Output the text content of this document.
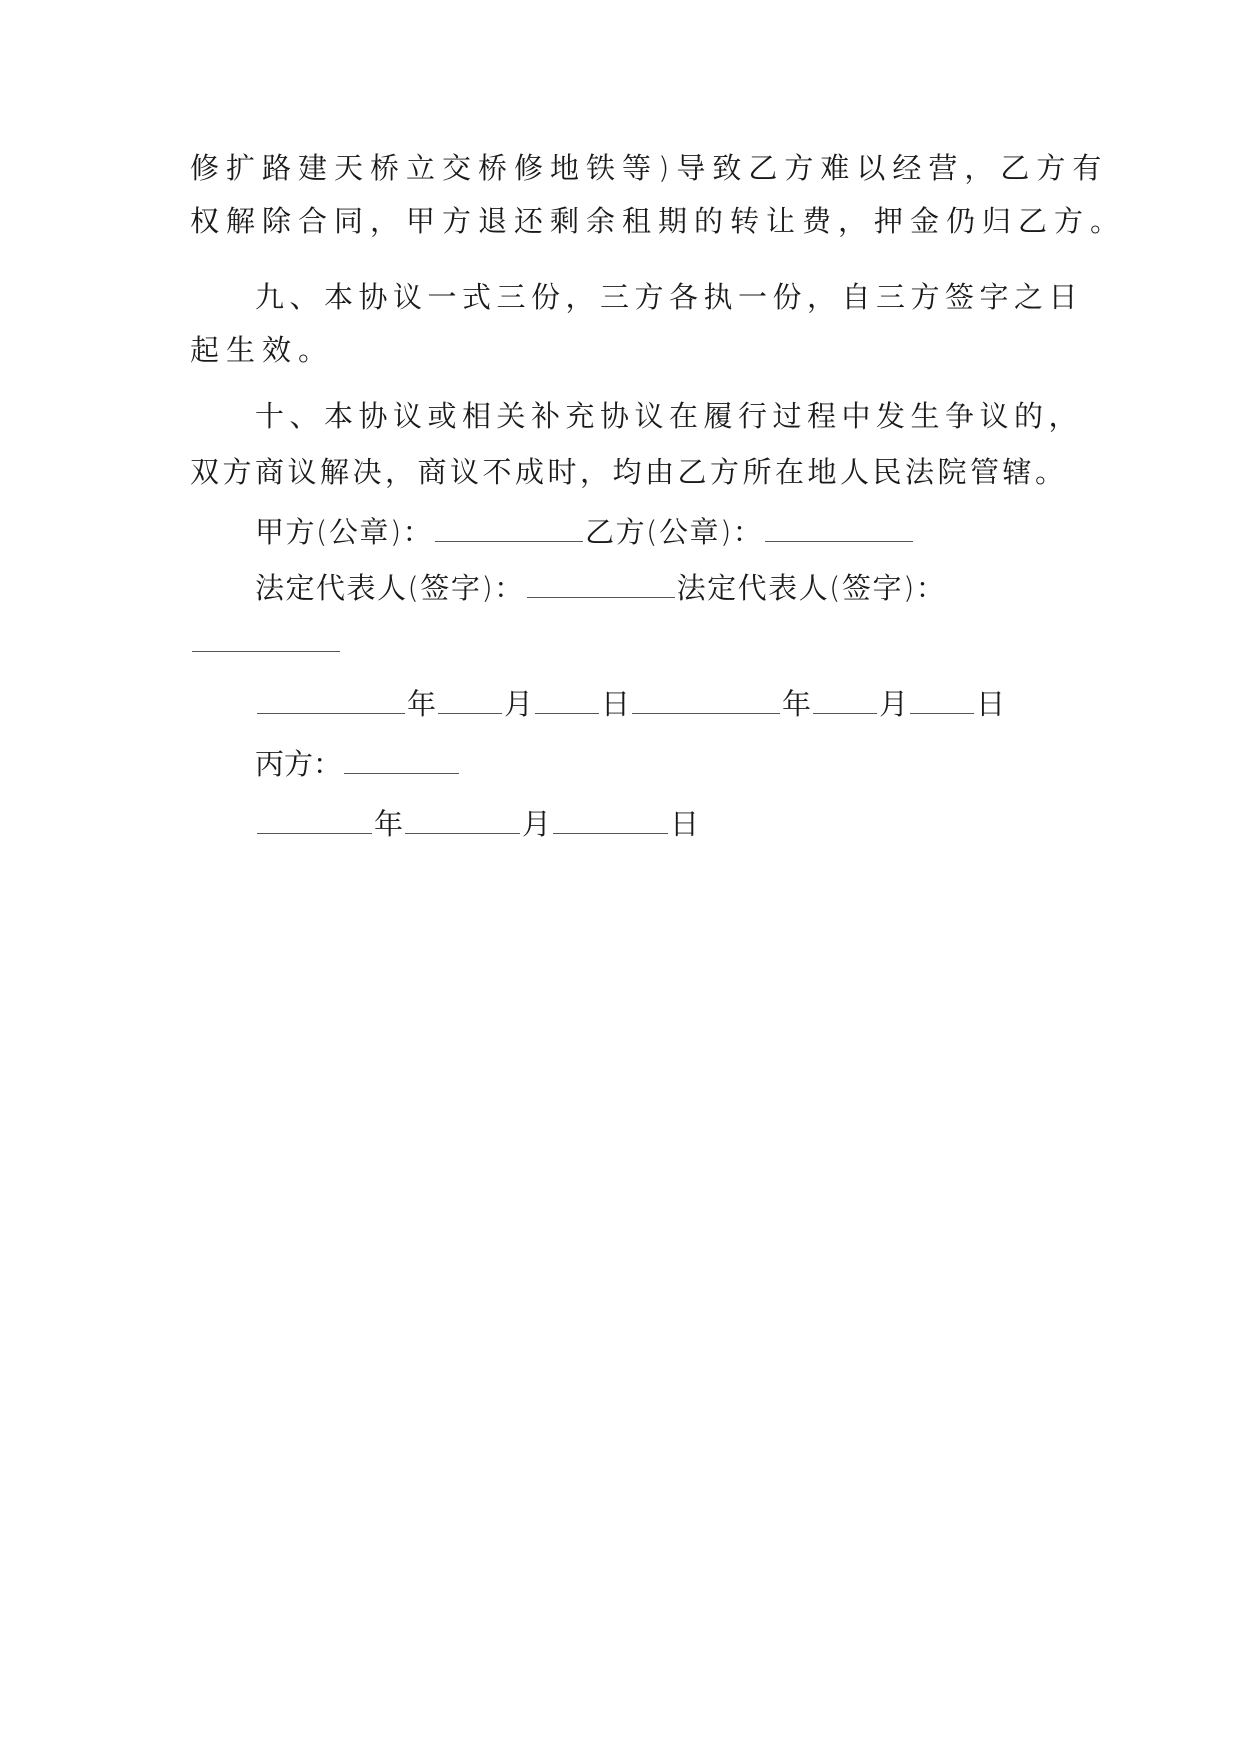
修扩路建天桥立交桥修地铁等)导致乙方难以经营，乙方有
权解除合同，甲方退还剩余租期的转让费，押金仍归乙方。
九、本协议一式三份，三方各执一份，自三方签字之日
起生效。
十、本协议或相关补充协议在履行过程中发生争议的，
双方商议解决，商议不成时，均由乙方所在地人民法院管辖。
甲方(公章)：	乙方(公章)：
法定代表人(签字)：	法定代表人(签字)：
年 月 日	年 月 日
丙方：
年	月	日
